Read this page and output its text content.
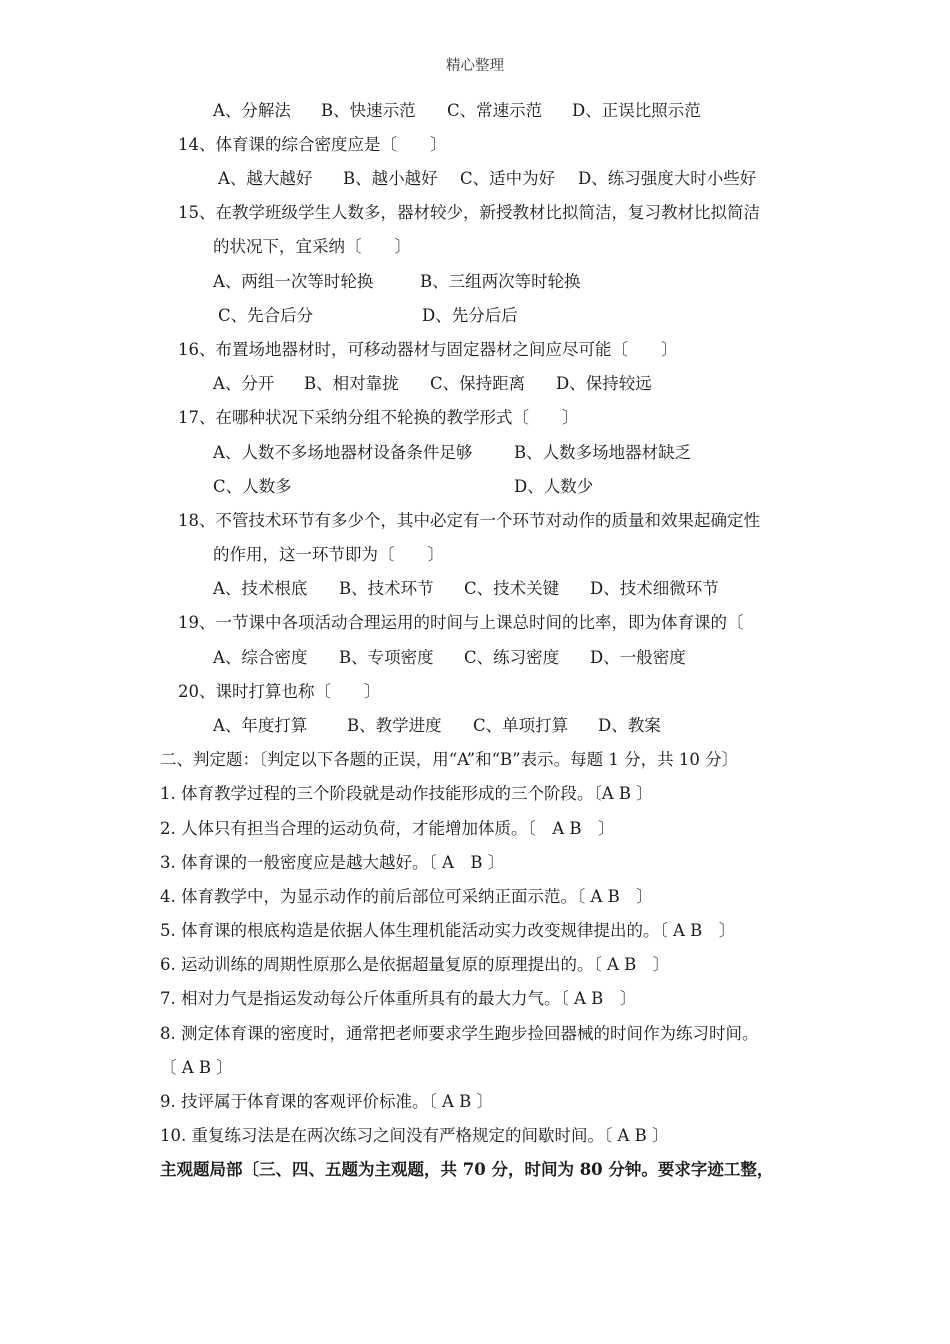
精心整理
A、分解法 B、快速示范 C、常速示范 D、正误比照示范
14、体育课的综合密度应是〔　　〕
A、越大越好 B、越小越好 C、适中为好 D、练习强度大时小些好
15、在教学班级学生人数多，器材较少，新授教材比拟简洁，复习教材比拟简洁
的状况下，宜采纳〔　　〕
A、两组一次等时轮换	B、三组两次等时轮换
C、先合后分	D、先分后后
16、布置场地器材时，可移动器材与固定器材之间应尽可能〔　　〕
A、分开 B、相对靠拢 C、保持距离 D、保持较远
17、在哪种状况下采纳分组不轮换的教学形式〔　　〕
A、人数不多场地器材设备条件足够	B、人数多场地器材缺乏
C、人数多	D、人数少
18、不管技术环节有多少个，其中必定有一个环节对动作的质量和效果起确定性
的作用，这一环节即为〔　　〕
A、技术根底 B、技术环节 C、技术关键 D、技术细微环节
19、一节课中各项活动合理运用的时间与上课总时间的比率，即为体育课的〔
A、综合密度 B、专项密度 C、练习密度 D、一般密度
20、课时打算也称〔　　〕
A、年度打算 B、教学进度 C、单项打算 D、教案
二、判定题：〔判定以下各题的正误，用“A”和“B”表示。每题 1 分，共 10 分〕
1. 体育教学过程的三个阶段就是动作技能形成的三个阶段。〔A B 〕
2. 人体只有担当合理的运动负荷，才能增加体质。〔　A B　〕
3. 体育课的一般密度应是越大越好。〔 A　B 〕
4. 体育教学中，为显示动作的前后部位可采纳正面示范。〔 A B　〕
5. 体育课的根底构造是依据人体生理机能活动实力改变规律提出的。〔 A B　〕
6. 运动训练的周期性原那么是依据超量复原的原理提出的。〔 A B　〕
7. 相对力气是指运发动每公斤体重所具有的最大力气。〔 A B　〕
8. 测定体育课的密度时，通常把老师要求学生跑步捡回器械的时间作为练习时间。
〔 A B 〕
9. 技评属于体育课的客观评价标准。〔 A B 〕
10. 重复练习法是在两次练习之间没有严格规定的间歇时间。〔 A B 〕
主观题局部〔三、四、五题为主观题，共 70 分，时间为 80 分钟。要求字迹工整，
